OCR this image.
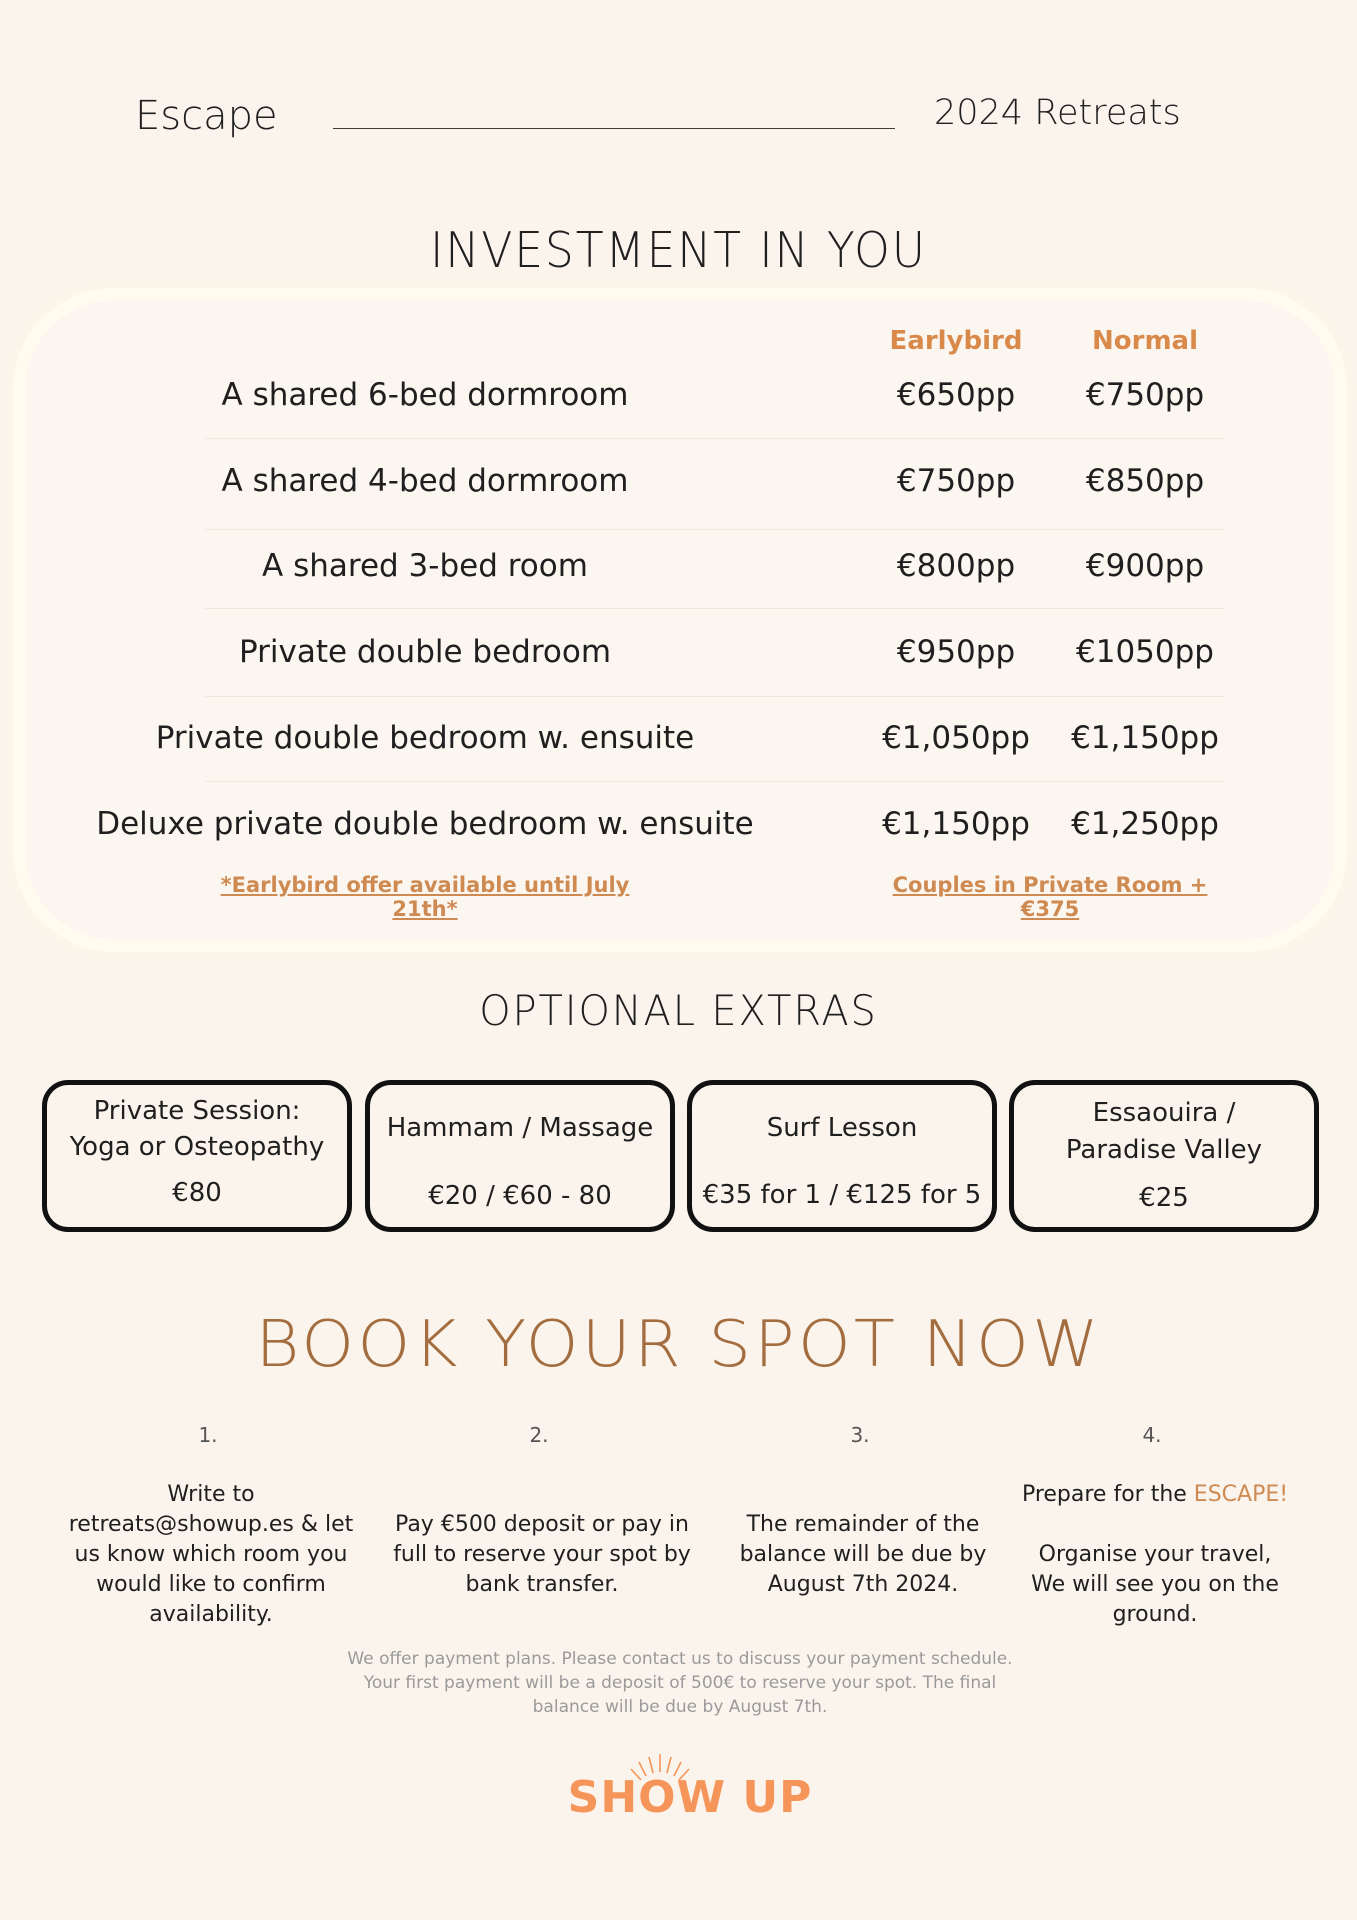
Escape	2024 Retreats
INVESTMENT IN YOU
Earlybird	Normal
A shared 6-bed dormroom	€650pp	€750pp
A shared 4-bed dormroom	€750pp	€850pp
A shared 3-bed room	€800pp	€900pp
Private double bedroom	€950pp	€1050pp
Private double bedroom w. ensuite	€1,050pp	€1,150pp
Deluxe private double bedroom w. ensuite	€1,150pp	€1,250pp
*Earlybird offer available until July 21th*
Couples in Private Room + €375
OPTIONAL EXTRAS
Private Session:
Yoga or Osteopathy
€80
Hammam / Massage
€20 / €60 - 80
Surf Lesson
€35 for 1 / €125 for 5
Essaouira /
Paradise Valley
€25
BOOK YOUR SPOT NOW
1.	2.	3.	4.
Write to retreats@showup.es & let us know which room you would like to confirm availability.
Pay €500 deposit or pay in full to reserve your spot by bank transfer.
The remainder of the balance will be due by August 7th 2024.
Prepare for the ESCAPE!
Organise your travel, We will see you on the ground.
We offer payment plans. Please contact us to discuss your payment schedule. Your first payment will be a deposit of 500€ to reserve your spot. The final balance will be due by August 7th.
SHOW UP
